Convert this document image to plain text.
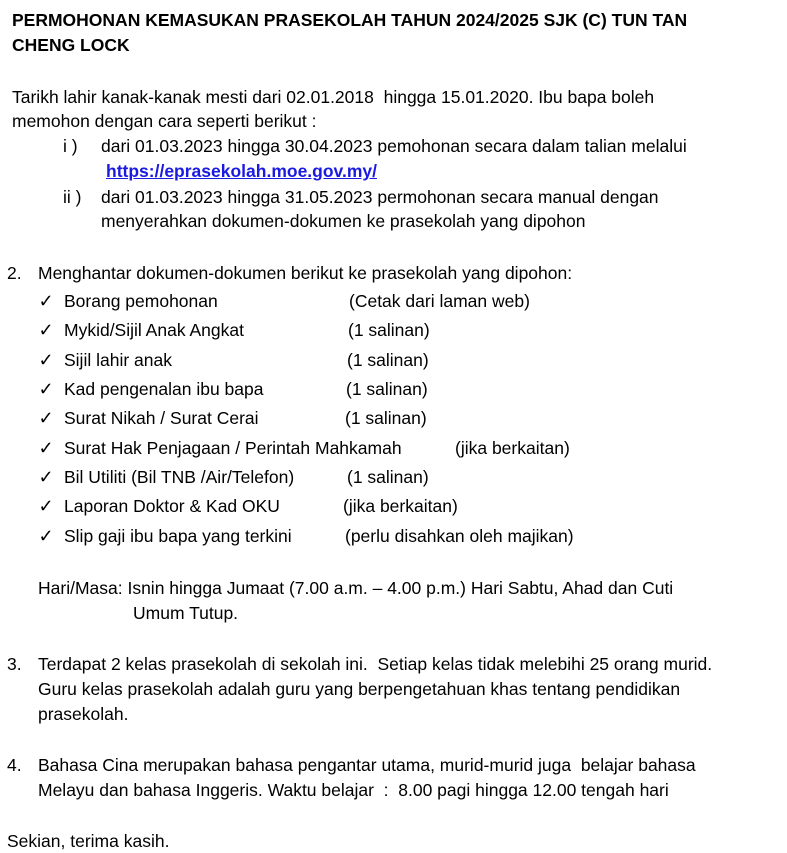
PERMOHONAN KEMASUKAN PRASEKOLAH TAHUN 2024/2025 SJK (C) TUN TAN
CHENG LOCK
Tarikh lahir kanak-kanak mesti dari 02.01.2018  hingga 15.01.2020. Ibu bapa boleh
memohon dengan cara seperti berikut :
i ) dari 01.03.2023 hingga 30.04.2023 pemohonan secara dalam talian melalui
https://eprasekolah.moe.gov.my/
ii ) dari 01.03.2023 hingga 31.05.2023 permohonan secara manual dengan
menyerahkan dokumen-dokumen ke prasekolah yang dipohon
2. Menghantar dokumen-dokumen berikut ke prasekolah yang dipohon:
✓ Borang pemohonan	(Cetak dari laman web)
✓ Mykid/Sijil Anak Angkat	(1 salinan)
✓ Sijil lahir anak	(1 salinan)
✓ Kad pengenalan ibu bapa	(1 salinan)
✓ Surat Nikah / Surat Cerai	(1 salinan)
✓ Surat Hak Penjagaan / Perintah Mahkamah	(jika berkaitan)
✓ Bil Utiliti (Bil TNB /Air/Telefon)	(1 salinan)
✓ Laporan Doktor & Kad OKU	(jika berkaitan)
✓ Slip gaji ibu bapa yang terkini	(perlu disahkan oleh majikan)
Hari/Masa: Isnin hingga Jumaat (7.00 a.m. – 4.00 p.m.) Hari Sabtu, Ahad dan Cuti
Umum Tutup.
3. Terdapat 2 kelas prasekolah di sekolah ini.  Setiap kelas tidak melebihi 25 orang murid.
Guru kelas prasekolah adalah guru yang berpengetahuan khas tentang pendidikan
prasekolah.
4. Bahasa Cina merupakan bahasa pengantar utama, murid-murid juga  belajar bahasa
Melayu dan bahasa Inggeris. Waktu belajar  :  8.00 pagi hingga 12.00 tengah hari
Sekian, terima kasih.
